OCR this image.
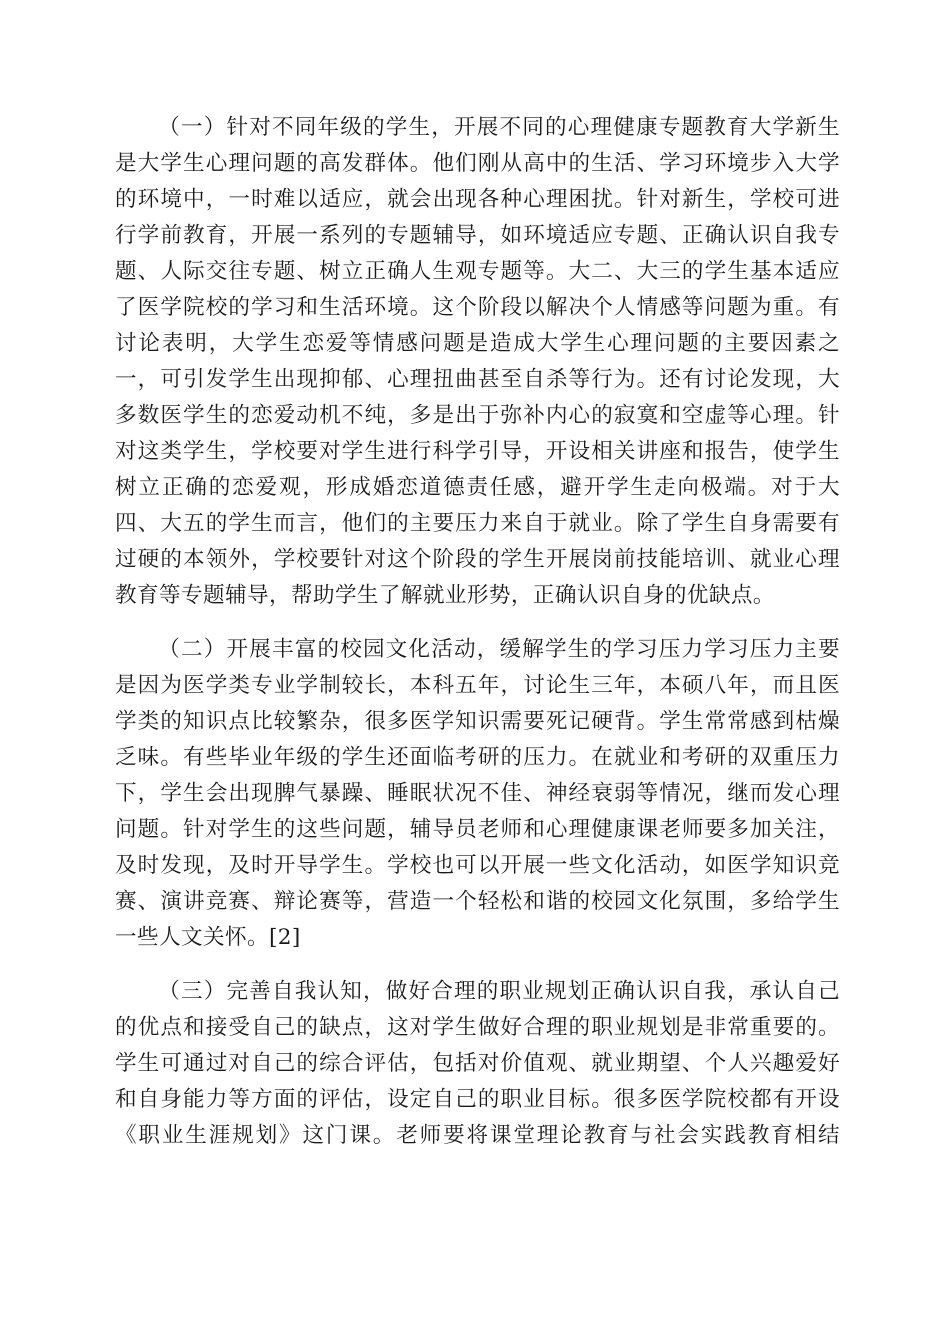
（一）针对不同年级的学生，开展不同的心理健康专题教育大学新生
是大学生心理问题的高发群体。他们刚从高中的生活、学习环境步入大学
的环境中，一时难以适应，就会出现各种心理困扰。针对新生，学校可进
行学前教育，开展一系列的专题辅导，如环境适应专题、正确认识自我专
题、人际交往专题、树立正确人生观专题等。大二、大三的学生基本适应
了医学院校的学习和生活环境。这个阶段以解决个人情感等问题为重。有
讨论表明，大学生恋爱等情感问题是造成大学生心理问题的主要因素之
一，可引发学生出现抑郁、心理扭曲甚至自杀等行为。还有讨论发现，大
多数医学生的恋爱动机不纯，多是出于弥补内心的寂寞和空虚等心理。针
对这类学生，学校要对学生进行科学引导，开设相关讲座和报告，使学生
树立正确的恋爱观，形成婚恋道德责任感，避开学生走向极端。对于大
四、大五的学生而言，他们的主要压力来自于就业。除了学生自身需要有
过硬的本领外，学校要针对这个阶段的学生开展岗前技能培训、就业心理
教育等专题辅导，帮助学生了解就业形势，正确认识自身的优缺点。
（二）开展丰富的校园文化活动，缓解学生的学习压力学习压力主要
是因为医学类专业学制较长，本科五年，讨论生三年，本硕八年，而且医
学类的知识点比较繁杂，很多医学知识需要死记硬背。学生常常感到枯燥
乏味。有些毕业年级的学生还面临考研的压力。在就业和考研的双重压力
下，学生会出现脾气暴躁、睡眠状况不佳、神经衰弱等情况，继而发心理
问题。针对学生的这些问题，辅导员老师和心理健康课老师要多加关注，
及时发现，及时开导学生。学校也可以开展一些文化活动，如医学知识竞
赛、演讲竞赛、辩论赛等，营造一个轻松和谐的校园文化氛围，多给学生
一些人文关怀。[2]
（三）完善自我认知，做好合理的职业规划正确认识自我，承认自己
的优点和接受自己的缺点，这对学生做好合理的职业规划是非常重要的。
学生可通过对自己的综合评估，包括对价值观、就业期望、个人兴趣爱好
和自身能力等方面的评估，设定自己的职业目标。很多医学院校都有开设
《职业生涯规划》这门课。老师要将课堂理论教育与社会实践教育相结
